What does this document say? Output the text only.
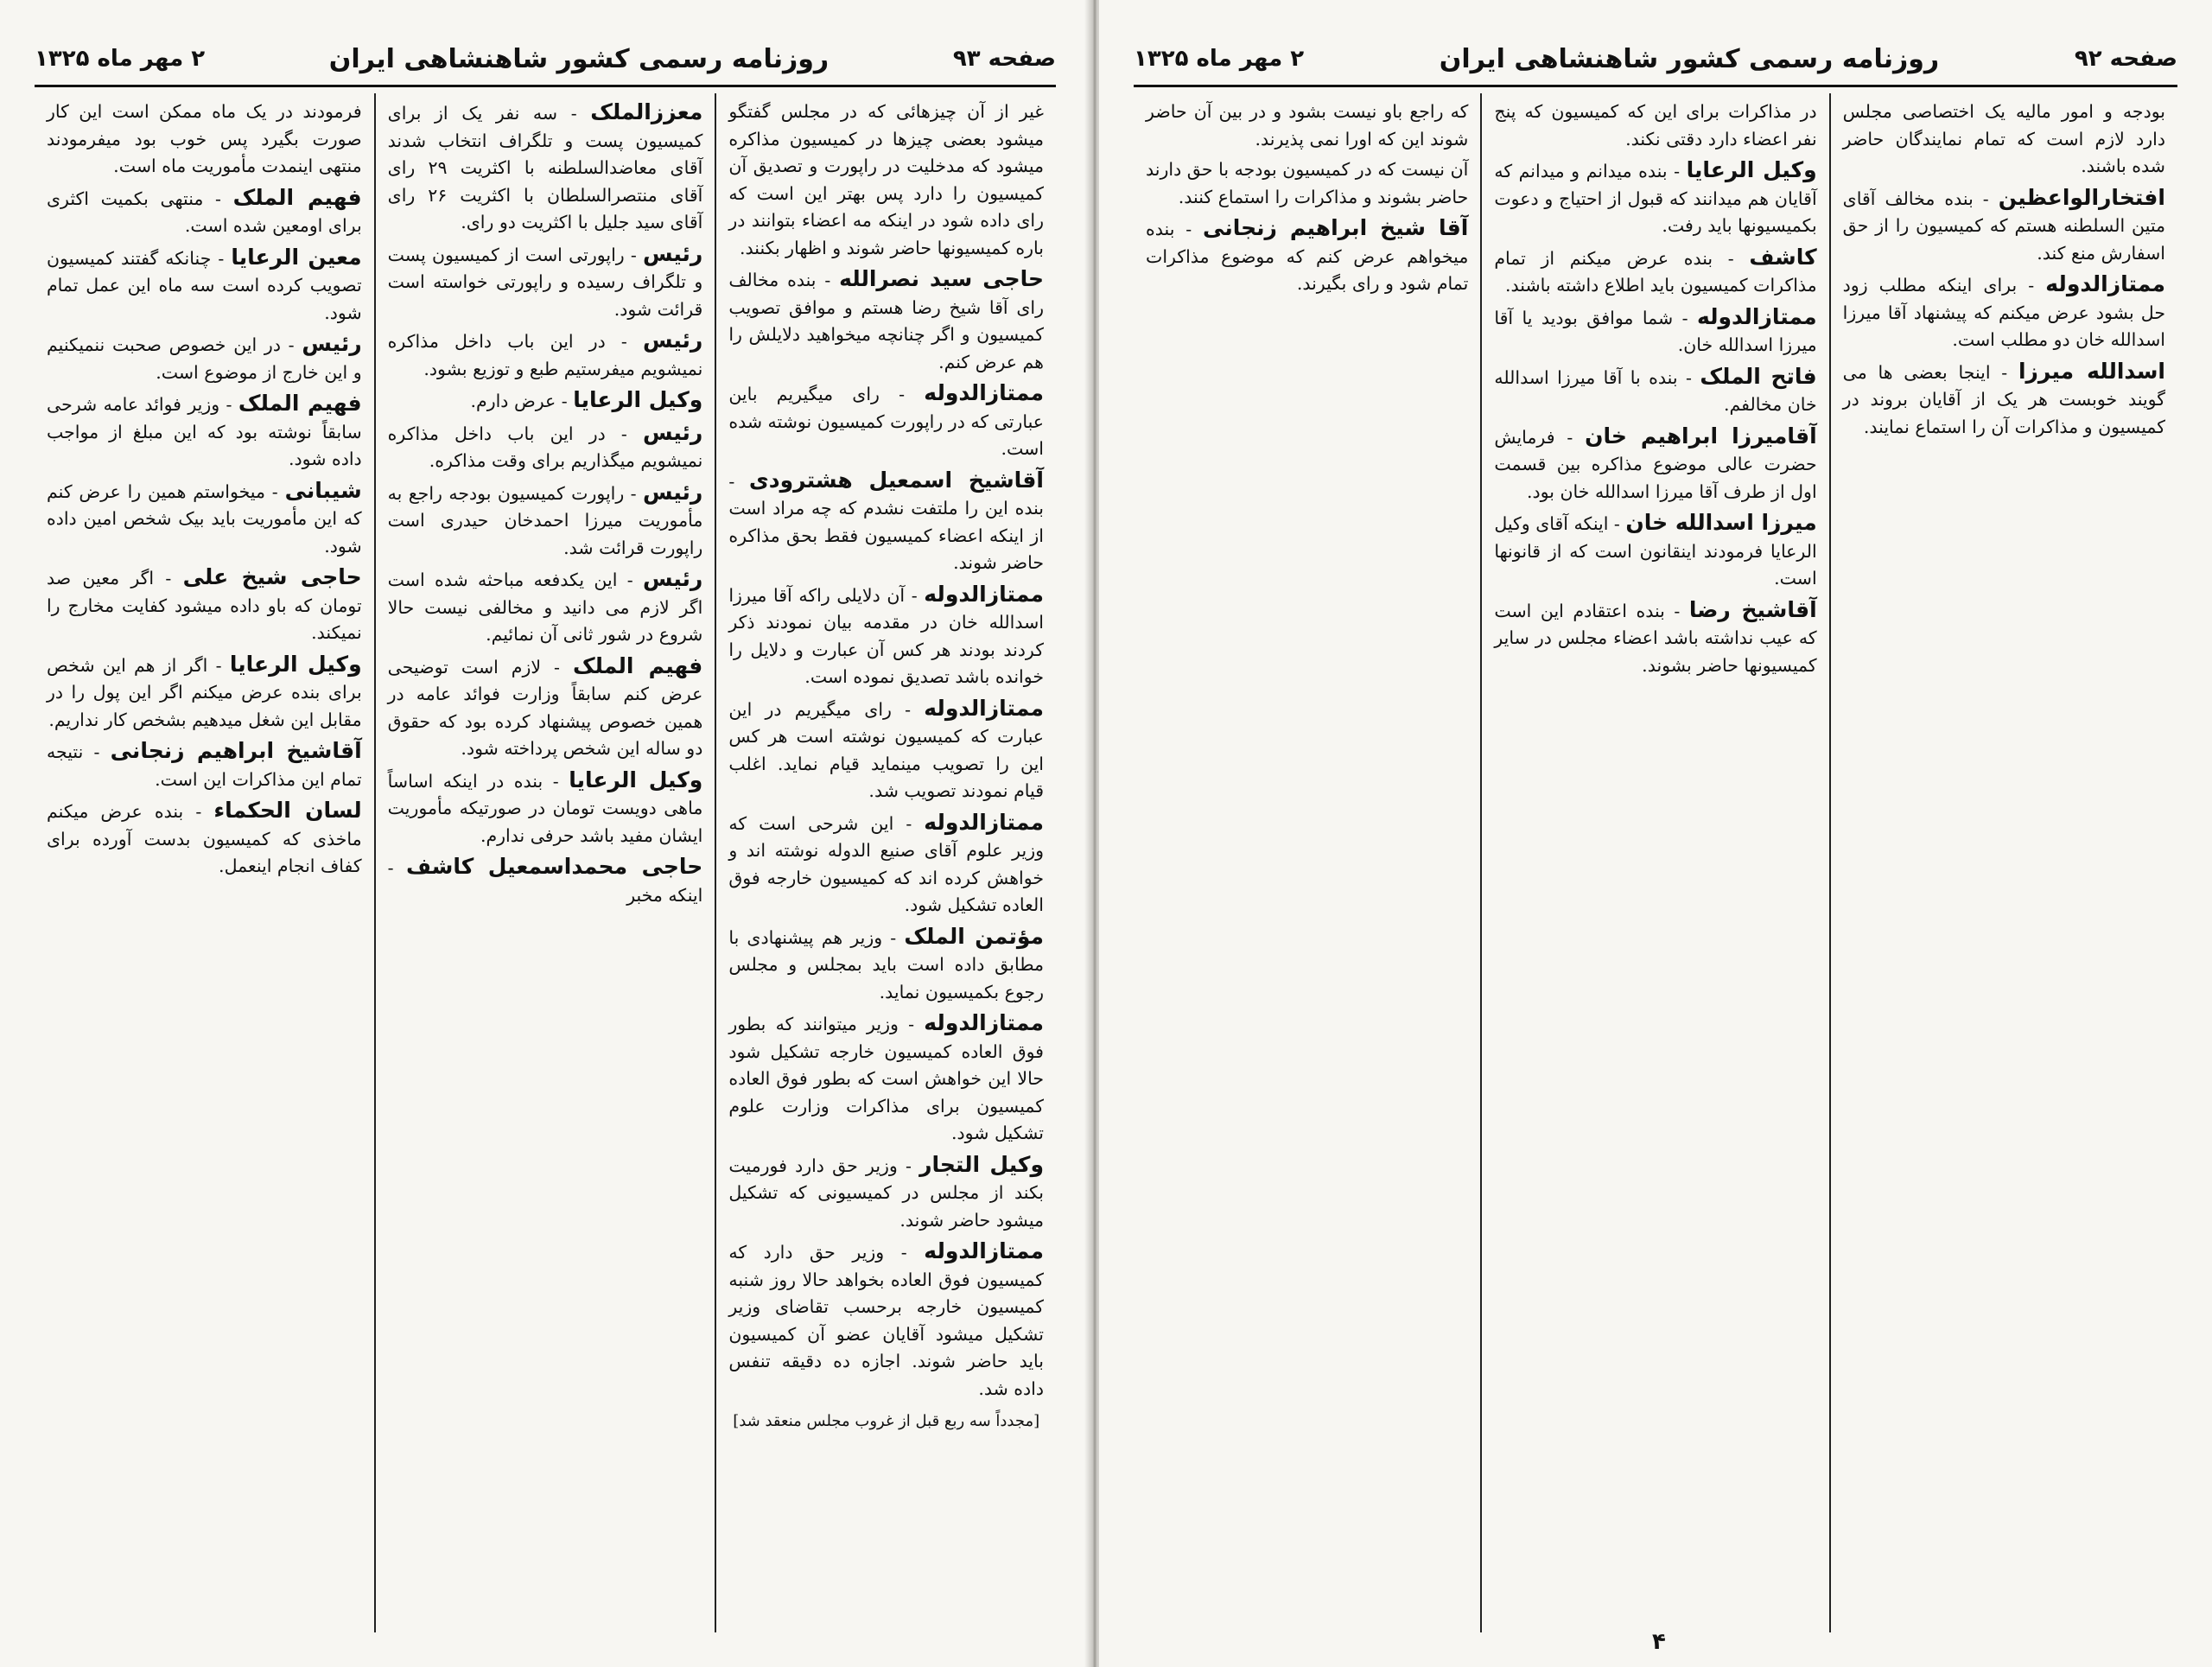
صفحه ۹۳
روزنامه رسمی کشور شاهنشاهی ایران
۲ مهر ماه ۱۳۲۵

غیر از آن چیزهائی که در مجلس گفتگو میشود بعضی چیزها در کمیسیون مذاکره میشود که مدخلیت در راپورت و تصدیق آن کمیسیون را دارد پس بهتر این است که رای داده شود در اینکه مه اعضاء بتوانند در باره کمیسیونها حاضر شوند و اظهار بکنند.

حاجی سید نصرالله - بنده مخالف رای آقا شیخ رضا هستم و موافق تصویب کمیسیون و اگر چنانچه میخواهید دلایلش را هم عرض کنم.

ممتازالدوله - رای میگیریم باین عبارتی که در راپورت کمیسیون نوشته شده است.

آقاشیخ اسمعیل هشترودی - بنده این را ملتفت نشدم که چه مراد است از اینکه اعضاء کمیسیون فقط بحق مذاکره حاضر شوند.

ممتازالدوله - آن دلایلی راکه آقا میرزا اسدالله خان در مقدمه بیان نمودند ذکر کردند بودند هر کس آن عبارت و دلایل را خوانده باشد تصدیق نموده است.

ممتازالدوله - رای میگیریم در این عبارت که کمیسیون نوشته است هر کس این را تصویب مینماید قیام نماید. اغلب قیام نمودند تصویب شد.

ممتازالدوله - این شرحی است که وزیر علوم آقای صنیع الدوله نوشته اند و خواهش کرده اند که کمیسیون خارجه فوق العاده تشکیل شود.

مؤتمن الملک - وزیر هم پیشنهادی با مطابق داده است باید بمجلس و مجلس رجوع بکمیسیون نماید.

ممتازالدوله - وزیر میتوانند که بطور فوق العاده کمیسیون خارجه تشکیل شود حالا این خواهش است که بطور فوق العاده کمیسیون برای مذاکرات وزارت علوم تشکیل شود.

وکیل التجار - وزیر حق دارد فورمیت بکند از مجلس در کمیسیونی که تشکیل میشود حاضر شوند.

ممتازالدوله - وزیر حق دارد که کمیسیون فوق العاده بخواهد حالا روز شنبه کمیسیون خارجه برحسب تقاضای وزیر تشکیل میشود آقایان عضو آن کمیسیون باید حاضر شوند. اجازه ده دقیقه تنفس داده شد.

[مجدداً سه ربع قبل از غروب مجلس منعقد شد]

معززالملک - سه نفر یک از برای کمیسیون پست و تلگراف انتخاب شدند آقای معاضدالسلطنه با اکثریت ۲۹ رای آقای منتصرالسلطان با اکثریت ۲۶ رای آقای سید جلیل با اکثریت دو رای.

رئیس - راپورتی است از کمیسیون پست و تلگراف رسیده و راپورتی خواسته است قرائت شود.

رئیس - در این باب داخل مذاکره نمیشویم میفرستیم طبع و توزیع بشود.

وکیل الرعایا - عرض دارم.

رئیس - در این باب داخل مذاکره نمیشویم میگذاریم برای وقت مذاکره.

رئیس - راپورت کمیسیون بودجه راجع به مأموریت میرزا احمدخان حیدری است راپورت قرائت شد.

رئیس - این یکدفعه مباحثه شده است اگر لازم می دانید و مخالفی نیست حالا شروع در شور ثانی آن نمائیم.

فهیم الملک - لازم است توضیحی عرض کنم سابقاً وزارت فوائد عامه در همین خصوص پیشنهاد کرده بود که حقوق دو ساله این شخص پرداخته شود.

وکیل الرعایا - بنده در اینکه اساساً ماهی دویست تومان در صورتیکه مأموریت ایشان مفید باشد حرفی ندارم.

حاجی محمداسمعیل کاشف - اینکه مخبر

فرمودند در یک ماه ممکن است این کار صورت بگیرد پس خوب بود میفرمودند منتهی اینمدت مأموریت ماه است.

فهیم الملک - منتهی بکمیت اکثری برای اومعین شده است.

معین الرعایا - چنانکه گفتند کمیسیون تصویب کرده است سه ماه این عمل تمام شود.

رئیس - در این خصوص صحبت ننمیکنیم و این خارج از موضوع است.

فهیم الملک - وزیر فوائد عامه شرحی سابقاً نوشته بود که این مبلغ از مواجب داده شود.

شیبانی - میخواستم همین را عرض کنم که این مأموریت باید بیک شخص امین داده شود.

حاجی شیخ علی - اگر معین صد تومان که باو داده میشود کفایت مخارج را نمیکند.

وکیل الرعایا - اگر از هم این شخص برای بنده عرض میکنم اگر این پول را در مقابل این شغل میدهیم بشخص کار نداریم.

آقاشیخ ابراهیم زنجانی - نتیجه تمام این مذاکرات این است.

لسان الحکماء - بنده عرض میکنم ماخذی که کمیسیون بدست آورده برای کفاف انجام اینعمل.

صفحه ۹۲
روزنامه رسمی کشور شاهنشاهی ایران
۲ مهر ماه ۱۳۲۵

بودجه و امور مالیه یک اختصاصی مجلس دارد لازم است که تمام نمایندگان حاضر شده باشند.

افتخارالواعظین - بنده مخالف آقای متین السلطنه هستم که کمیسیون را از حق اسفارش منع کند.

ممتازالدوله - برای اینکه مطلب زود حل بشود عرض میکنم که پیشنهاد آقا میرزا اسدالله خان دو مطلب است.

اسدالله میرزا - اینجا بعضی ها می گویند خوبست هر یک از آقایان بروند در کمیسیون و مذاکرات آن را استماع نمایند.

در مذاکرات برای این که کمیسیون که پنج نفر اعضاء دارد دقتی نکند.

وکیل الرعایا - بنده میدانم و میدانم که آقایان هم میدانند که قبول از احتیاج و دعوت بکمیسیونها باید رفت.

کاشف - بنده عرض میکنم از تمام مذاکرات کمیسیون باید اطلاع داشته باشند.

ممتازالدوله - شما موافق بودید یا آقا میرزا اسدالله خان.

فاتح الملک - بنده با آقا میرزا اسدالله خان مخالفم.

آقامیرزا ابراهیم خان - فرمایش حضرت عالی موضوع مذاکره بین قسمت اول از طرف آقا میرزا اسدالله خان بود.

میرزا اسدالله خان - اینکه آقای وکیل الرعایا فرمودند اینقانون است که از قانونها است.

آقاشیخ رضا - بنده اعتقادم این است که عیب نداشته باشد اعضاء مجلس در سایر کمیسیونها حاضر بشوند.

که راجع باو نیست بشود و در بین آن حاضر شوند این که اورا نمی پذیرند.

آن نیست که در کمیسیون بودجه با حق دارند حاضر بشوند و مذاکرات را استماع کنند.

آقا شیخ ابراهیم زنجانی - بنده میخواهم عرض کنم که موضوع مذاکرات تمام شود و رای بگیرند.

۴
